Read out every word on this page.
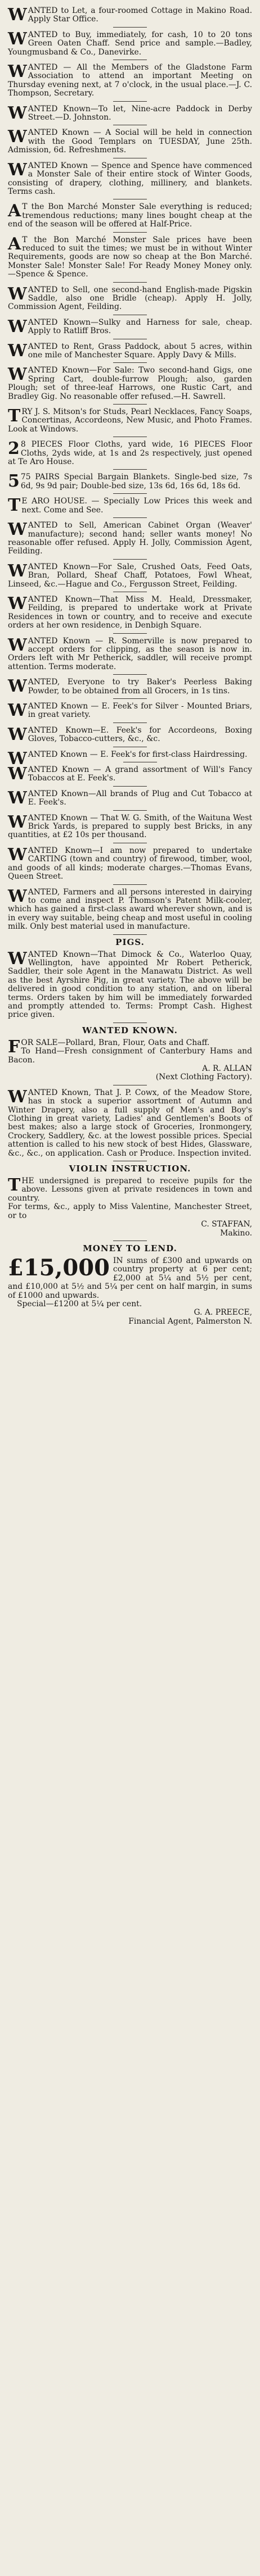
WANTED to Let, a four-roomed Cottage in Makino Road. Apply Star Office.

WANTED to Buy, immediately, for cash, 10 to 20 tons Green Oaten Chaff. Send price and sample.—Badley, Youngmusband & Co., Danevirke.

WANTED — All the Members of the Gladstone Farm Association to attend an important Meeting on Thursday evening next, at 7 o'clock, in the usual place.—J. C. Thompson, Secretary.

WANTED Known—To let, Nine-acre Paddock in Derby Street.—D. Johnston.

WANTED Known — A Social will be held in connection with the Good Templars on TUESDAY, June 25th. Admission, 6d. Refreshments.

WANTED Known — Spence and Spence have commenced a Monster Sale of their entire stock of Winter Goods, consisting of drapery, clothing, millinery, and blankets. Terms cash.

A T the Bon Marché Monster Sale everything is reduced; tremendous reductions; many lines bought cheap at the end of the season will be offered at Half-Price.

A T the Bon Marché Monster Sale prices have been reduced to suit the times; we must be in without Winter Requirements, goods are now so cheap at the Bon Marché. Monster Sale! Monster Sale! For Ready Money Money only.—Spence & Spence.

WANTED to Sell, one second-hand English-made Pigskin Saddle, also one Bridle (cheap). Apply H. Jolly, Commission Agent, Feilding.

WANTED Known—Sulky and Harness for sale, cheap. Apply to Ratliff Bros.

WANTED to Rent, Grass Paddock, about 5 acres, within one mile of Manchester Square. Apply Davy & Mills.

WANTED Known—For Sale: Two second-hand Gigs, one Spring Cart, double-furrow Plough; also, garden Plough; set of three-leaf Harrows, one Rustic Cart, and Bradley Gig. No reasonable offer refused.—H. Sawrell.

TRY J. S. Mitson's for Studs, Pearl Necklaces, Fancy Soaps, Concertinas, Accordeons, New Music, and Photo Frames. Look at Windows.

2 8 PIECES Floor Cloths, yard wide, 16 PIECES Floor Cloths, 2yds wide, at 1s and 2s respectively, just opened at Te Aro House.

5 75 PAIRS Special Bargain Blankets. Single-bed size, 7s 6d, 9s 9d pair; Double-bed size, 13s 6d, 16s 6d, 18s 6d.

T E ARO HOUSE. — Specially Low Prices this week and next. Come and See.

WANTED to Sell, American Cabinet Organ (Weaver' manufacture); second hand; seller wants money! No reasonable offer refused. Apply H. Jolly, Commission Agent, Feilding.

WANTED Known—For Sale, Crushed Oats, Feed Oats, Bran, Pollard, Sheaf Chaff, Potatoes, Fowl Wheat, Linseed, &c.—Hague and Co., Fergusson Street, Feilding.

WANTED Known—That Miss M. Heald, Dressmaker, Feilding, is prepared to undertake work at Private Residences in town or country, and to receive and execute orders at her own residence, in Denbigh Square.

WANTED Known — R. Somerville is now prepared to accept orders for clipping, as the season is now in. Orders left with Mr Petherick, saddler, will receive prompt attention. Terms moderate.

WANTED, Everyone to try Baker's Peerless Baking Powder, to be obtained from all Grocers, in 1s tins.

WANTED Known — E. Feek's for Silver - Mounted Briars, in great variety.

WANTED Known—E. Feek's for Accordeons, Boxing Gloves, Tobacco-cutters, &c., &c.

WANTED Known — E. Feek's for first-class Hairdressing.

WANTED Known — A grand assortment of Will's Fancy Tobaccos at E. Feek's.

WANTED Known—All brands of Plug and Cut Tobacco at E. Feek's.

WANTED Known — That W. G. Smith, of the Waituna West Brick Yards, is prepared to supply best Bricks, in any quantities, at £2 10s per thousand.

WANTED Known—I am now prepared to undertake CARTING (town and country) of firewood, timber, wool, and goods of all kinds; moderate charges.—Thomas Evans, Queen Street.

WANTED, Farmers and all persons interested in dairying to come and inspect P. Thomson's Patent Milk-cooler, which has gained a first-class award wherever shown, and is in every way suitable, being cheap and most useful in cooling milk. Only best material used in manufacture.

PIGS.

WANTED Known—That Dimock & Co., Waterloo Quay, Wellington, have appointed Mr Robert Petherick, Saddler, their sole Agent in the Manawatu District. As well as the best Ayrshire Pig, in great variety. The above will be delivered in good condition to any station, and on liberal terms. Orders taken by him will be immediately forwarded and promptly attended to. Terms: Prompt Cash. Highest price given.

WANTED KNOWN.

FOR SALE—Pollard, Bran, Flour, Oats and Chaff.
To Hand—Fresh consignment of Canterbury Hams and Bacon.
A. R. ALLAN
(Next Clothing Factory).

WANTED Known, That J. P. Cowx, of the Meadow Store, has in stock a superior assortment of Autumn and Winter Drapery, also a full supply of Men's and Boy's Clothing in great variety, Ladies' and Gentlemen's Boots of best makes; also a large stock of Groceries, Ironmongery, Crockery, Saddlery, &c. at the lowest possible prices. Special attention is called to his new stock of best Hides, Glassware, &c., &c., on application. Cash or Produce. Inspection invited.

VIOLIN INSTRUCTION.

THE undersigned is prepared to receive pupils for the above. Lessons given at private residences in town and country.
For terms, &c., apply to Miss Valentine, Manchester Street, or to
C. STAFFAN,
Makino.

MONEY TO LEND.

£15,000 IN sums of £300 and upwards on country property at 6 per cent; £2,000 at 5¼ and 5½ per cent, and £10,000 at 5½ and 5¼ per cent on half margin, in sums of £1000 and upwards.
Special—£1200 at 5¼ per cent.
G. A. PREECE,
Financial Agent, Palmerston N.
